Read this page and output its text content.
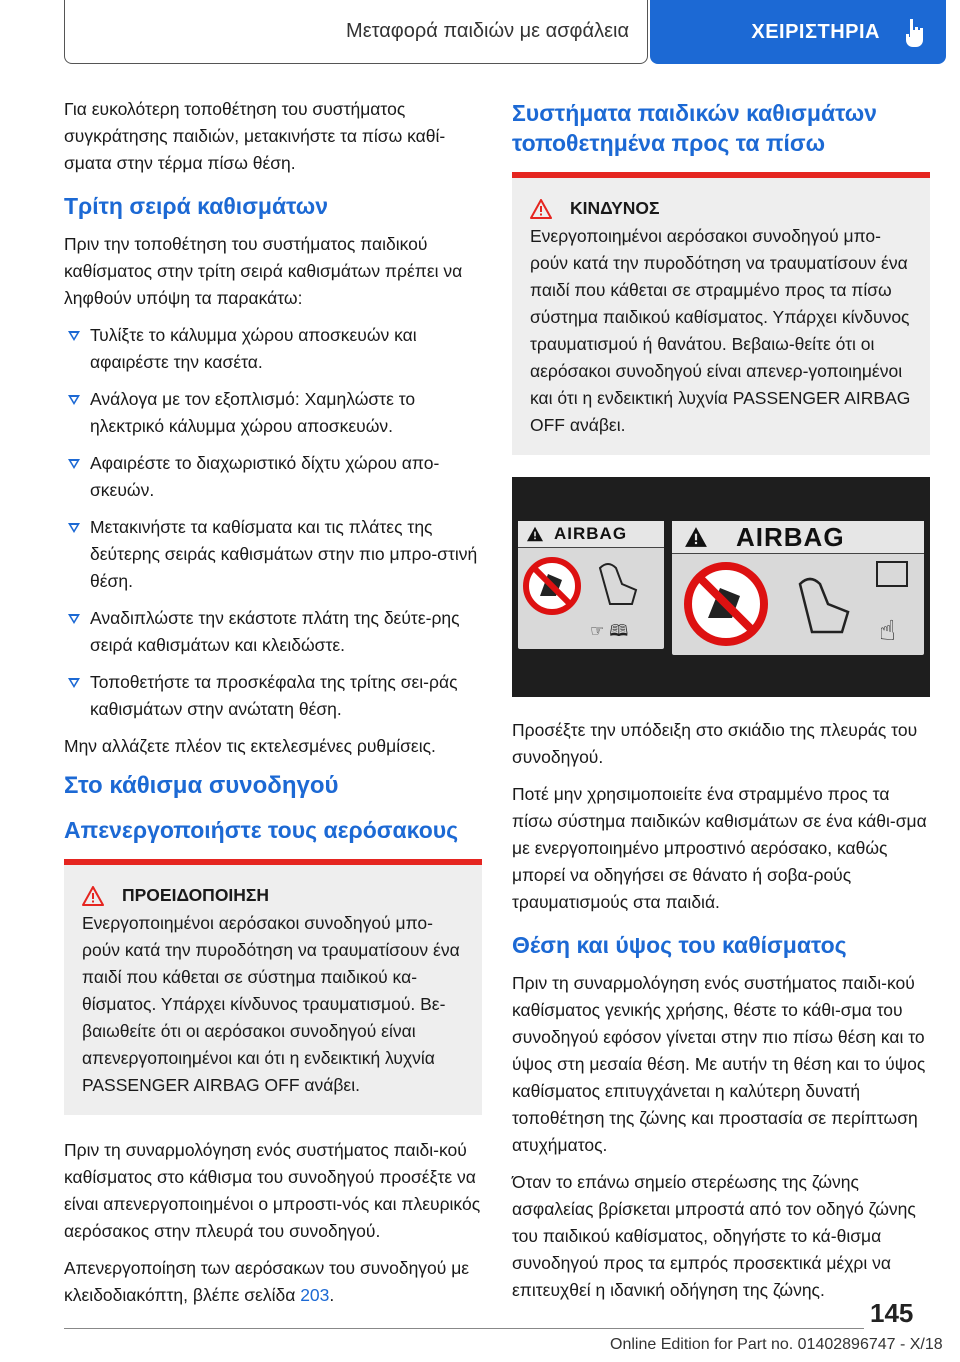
Μεταφορά παιδιών με ασφάλεια	ΧΕΙΡΙΣΤΗΡΙΑ

Για ευκολότερη τοποθέτηση του συστήματος συγκράτησης παιδιών, μετακινήστε τα πίσω καθί-σματα στην τέρμα πίσω θέση.

Τρίτη σειρά καθισμάτων

Πριν την τοποθέτηση του συστήματος παιδικού καθίσματος στην τρίτη σειρά καθισμάτων πρέπει να ληφθούν υπόψη τα παρακάτω:

Τυλίξτε το κάλυμμα χώρου αποσκευών και αφαιρέστε την κασέτα.
Ανάλογα με τον εξοπλισμό: Χαμηλώστε το ηλεκτρικό κάλυμμα χώρου αποσκευών.
Αφαιρέστε το διαχωριστικό δίχτυ χώρου απο-σκευών.
Μετακινήστε τα καθίσματα και τις πλάτες της δεύτερης σειράς καθισμάτων στην πιο μπρο-στινή θέση.
Αναδιπλώστε την εκάστοτε πλάτη της δεύτε-ρης σειρά καθισμάτων και κλειδώστε.
Τοποθετήστε τα προσκέφαλα της τρίτης σει-ράς καθισμάτων στην ανώτατη θέση.

Μην αλλάζετε πλέον τις εκτελεσμένες ρυθμίσεις.

Στο κάθισμα συνοδηγού
Απενεργοποιήστε τους αερόσακους
ΠΡΟΕΙΔΟΠΟΙΗΣΗ

Ενεργοποιημένοι αερόσακοι συνοδηγού μπο-ρούν κατά την πυροδότηση να τραυματίσουν ένα παιδί που κάθεται σε σύστημα παιδικού κα-θίσματος. Υπάρχει κίνδυνος τραυματισμού. Βε-βαιωθείτε ότι οι αερόσακοι συνοδηγού είναι απενεργοποιημένοι και ότι η ενδεικτική λυχνία PASSENGER AIRBAG OFF ανάβει.

Πριν τη συναρμολόγηση ενός συστήματος παιδι-κού καθίσματος στο κάθισμα του συνοδηγού προσέξτε να είναι απενεργοποιημένοι ο μπροστι-νός και πλευρικός αερόσακος στην πλευρά του συνοδηγού.

Απενεργοποίηση των αερόσακων του συνοδηγού με κλειδοδιακόπτη, βλέπε σελίδα 203.

Συστήματα παιδικών καθισμάτων τοποθετημένα προς τα πίσω
ΚΙΝΔΥΝΟΣ

Ενεργοποιημένοι αερόσακοι συνοδηγού μπο-ρούν κατά την πυροδότηση να τραυματίσουν ένα παιδί που κάθεται σε στραμμένο προς τα πίσω σύστημα παιδικού καθίσματος. Υπάρχει κίνδυνος τραυματισμού ή θανάτου. Βεβαιω-θείτε ότι οι αερόσακοι συνοδηγού είναι απενερ-γοποιημένοι και ότι η ενδεικτική λυχνία PASSENGER AIRBAG OFF ανάβει.

AIRBAG
☞ 🕮
AIRBAG
☝

Προσέξτε την υπόδειξη στο σκιάδιο της πλευράς του συνοδηγού.

Ποτέ μην χρησιμοποιείτε ένα στραμμένο προς τα πίσω σύστημα παιδικών καθισμάτων σε ένα κάθι-σμα με ενεργοποιημένο μπροστινό αερόσακο, καθώς μπορεί να οδηγήσει σε θάνατο ή σοβα-ρούς τραυματισμούς στα παιδιά.

Θέση και ύψος του καθίσματος

Πριν τη συναρμολόγηση ενός συστήματος παιδι-κού καθίσματος γενικής χρήσης, θέστε το κάθι-σμα του συνοδηγού εφόσον γίνεται στην πιο πίσω θέση και το ύψος στη μεσαία θέση. Με αυτήν τη θέση και το ύψος καθίσματος επιτυγχάνεται η καλύτερη δυνατή τοποθέτηση της ζώνης και προστασία σε περίπτωση ατυχήματος.

Όταν το επάνω σημείο στερέωσης της ζώνης ασφαλείας βρίσκεται μπροστά από τον οδηγό ζώνης του παιδικού καθίσματος, οδηγήστε το κά-θισμα συνοδηγού προς τα εμπρός προσεκτικά μέχρι να επιτευχθεί η ιδανική οδήγηση της ζώνης.

145
Online Edition for Part no. 01402896747 - X/18
